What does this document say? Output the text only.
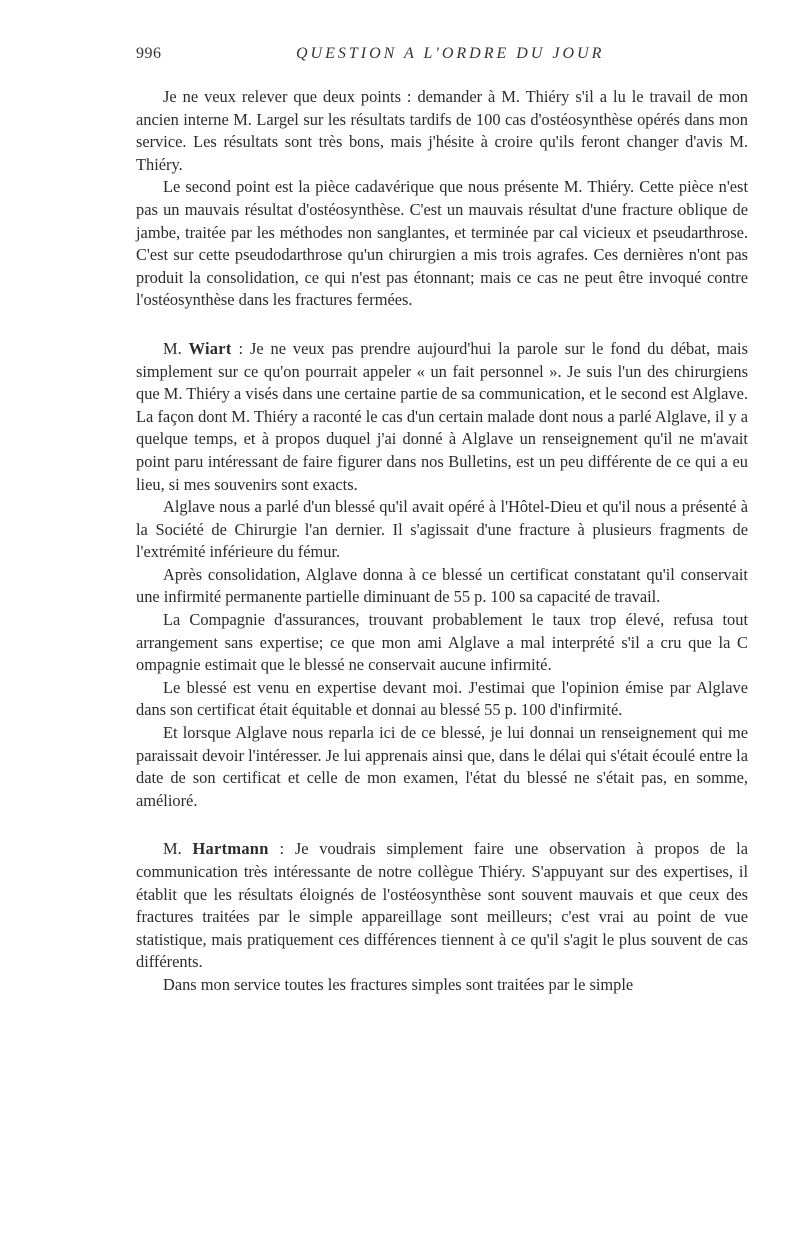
996	QUESTION A L'ORDRE DU JOUR

Je ne veux relever que deux points : demander à M. Thiéry s'il a lu le travail de mon ancien interne M. Largel sur les résultats tardifs de 100 cas d'ostéosynthèse opérés dans mon service. Les résultats sont très bons, mais j'hésite à croire qu'ils feront changer d'avis M. Thiéry.

Le second point est la pièce cadavérique que nous présente M. Thiéry. Cette pièce n'est pas un mauvais résultat d'ostéosynthèse. C'est un mauvais résultat d'une fracture oblique de jambe, traitée par les méthodes non sanglantes, et terminée par cal vicieux et pseudarthrose. C'est sur cette pseudodarthrose qu'un chirurgien a mis trois agrafes. Ces dernières n'ont pas produit la consolidation, ce qui n'est pas étonnant; mais ce cas ne peut être invoqué contre l'ostéosynthèse dans les fractures fermées.

M. Wiart : Je ne veux pas prendre aujourd'hui la parole sur le fond du débat, mais simplement sur ce qu'on pourrait appeler « un fait personnel ». Je suis l'un des chirurgiens que M. Thiéry a visés dans une certaine partie de sa communication, et le second est Alglave. La façon dont M. Thiéry a raconté le cas d'un certain malade dont nous a parlé Alglave, il y a quelque temps, et à propos duquel j'ai donné à Alglave un renseignement qu'il ne m'avait point paru intéressant de faire figurer dans nos Bulletins, est un peu différente de ce qui a eu lieu, si mes souvenirs sont exacts.

Alglave nous a parlé d'un blessé qu'il avait opéré à l'Hôtel-Dieu et qu'il nous a présenté à la Société de Chirurgie l'an dernier. Il s'agissait d'une fracture à plusieurs fragments de l'extrémité inférieure du fémur.

Après consolidation, Alglave donna à ce blessé un certificat constatant qu'il conservait une infirmité permanente partielle diminuant de 55 p. 100 sa capacité de travail.

La Compagnie d'assurances, trouvant probablement le taux trop élevé, refusa tout arrangement sans expertise; ce que mon ami Alglave a mal interprété s'il a cru que la C ompagnie estimait que le blessé ne conservait aucune infirmité.

Le blessé est venu en expertise devant moi. J'estimai que l'opinion émise par Alglave dans son certificat était équitable et donnai au blessé 55 p. 100 d'infirmité.

Et lorsque Alglave nous reparla ici de ce blessé, je lui donnai un renseignement qui me paraissait devoir l'intéresser. Je lui apprenais ainsi que, dans le délai qui s'était écoulé entre la date de son certificat et celle de mon examen, l'état du blessé ne s'était pas, en somme, amélioré.

M. Hartmann : Je voudrais simplement faire une observation à propos de la communication très intéressante de notre collègue Thiéry. S'appuyant sur des expertises, il établit que les résultats éloignés de l'ostéosynthèse sont souvent mauvais et que ceux des fractures traitées par le simple appareillage sont meilleurs; c'est vrai au point de vue statistique, mais pratiquement ces différences tiennent à ce qu'il s'agit le plus souvent de cas différents.

Dans mon service toutes les fractures simples sont traitées par le simple
